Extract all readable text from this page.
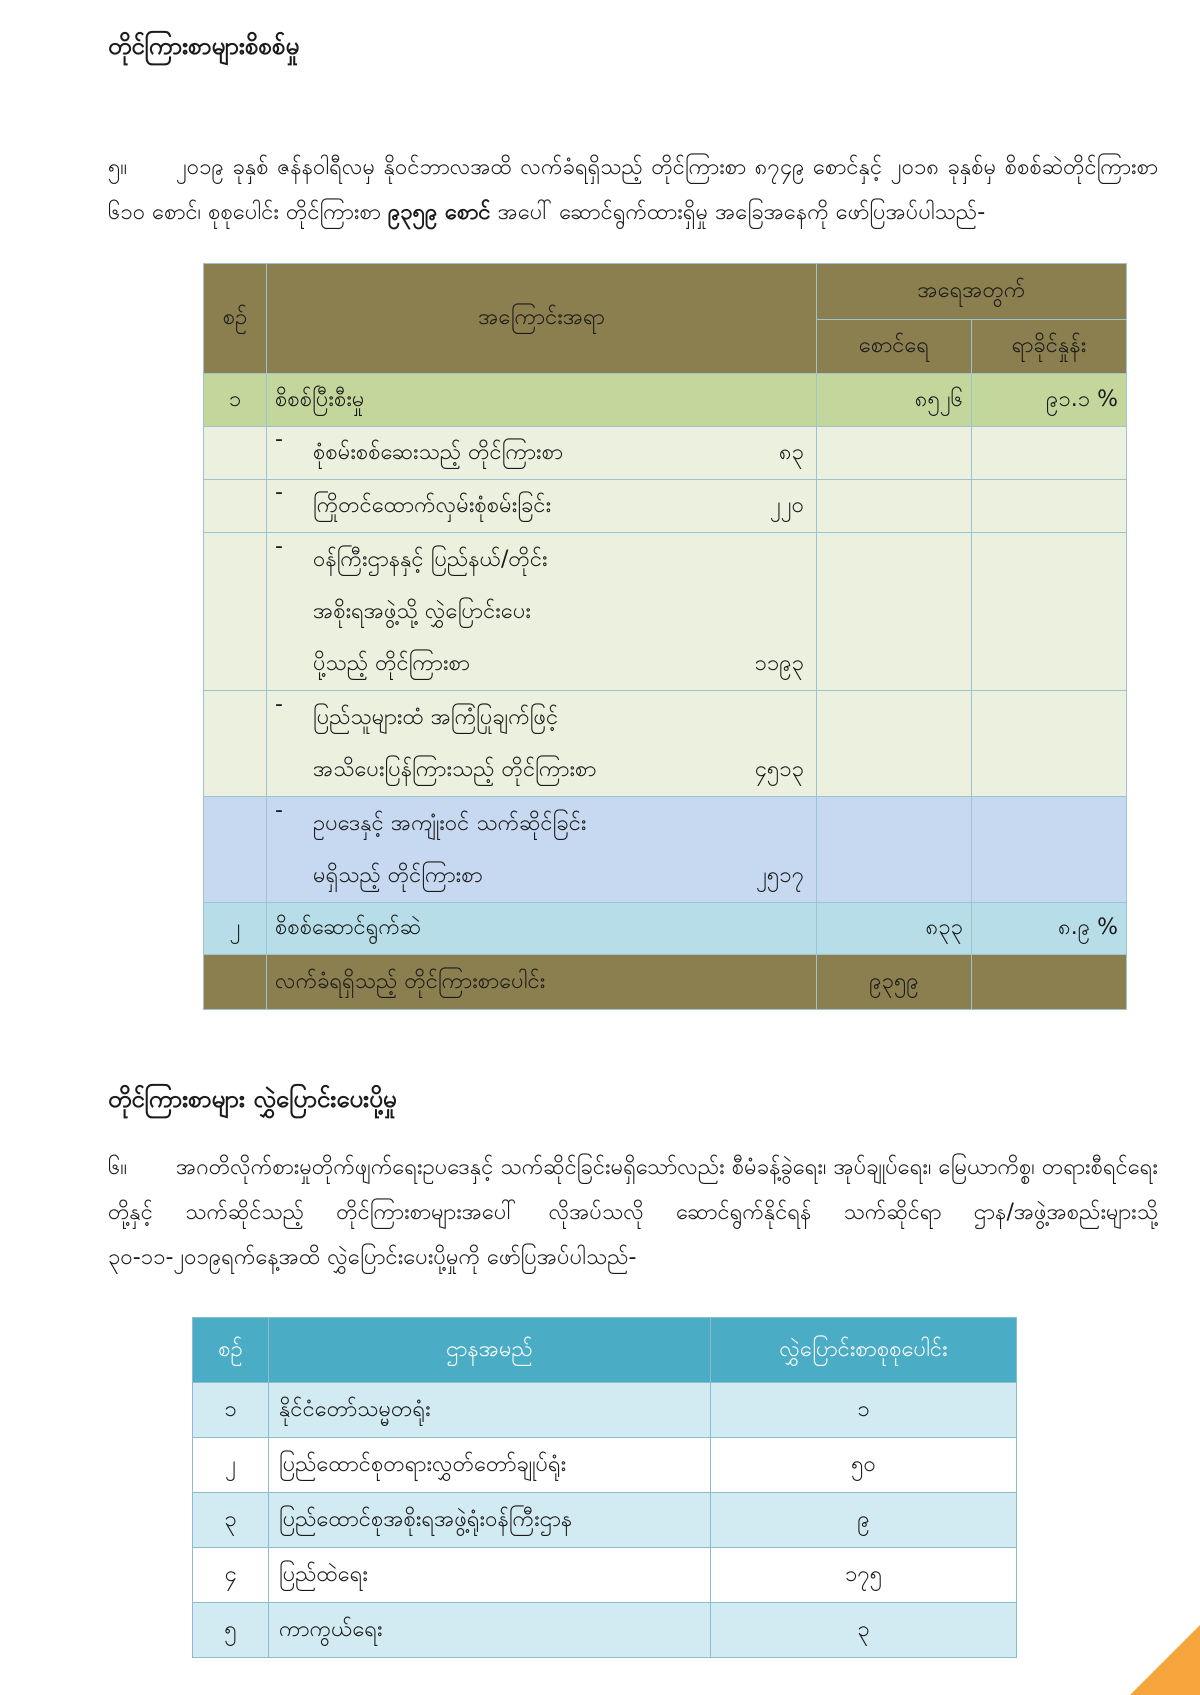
တိုင်ကြားစာများစိစစ်မှု
၅။ ၂၀၁၉ ခုနှစ် ဇန်နဝါရီလမှ နိုဝင်ဘာလအထိ လက်ခံရရှိသည့် တိုင်ကြားစာ ၈၇၄၉ စောင်နှင့် ၂၀၁၈ ခုနှစ်မှ စိစစ်ဆဲတိုင်ကြားစာ ၆၁၀ စောင်၊ စုစုပေါင်း တိုင်ကြားစာ ၉၃၅၉ စောင် အပေါ် ဆောင်ရွက်ထားရှိမှု အခြေအနေကို ဖော်ပြအပ်ပါသည်-
စဉ်	အကြောင်းအရာ	အရေအတွက်	
		စောင်ရေ	ရာခိုင်နှုန်း
၁	စိစစ်ပြီးစီးမှု	၈၅၂၆	၉၁.၁ %

	-
စုံစမ်းစစ်ဆေးသည့် တိုင်ကြားစာ ၈၃		

	-
ကြိုတင်ထောက်လှမ်းစုံစမ်းခြင်း ၂၂၀		

	-
ဝန်ကြီးဌာနနှင့် ပြည်နယ်/တိုင်း
အစိုးရအဖွဲ့သို့ လွှဲပြောင်းပေး
ပို့သည့် တိုင်ကြားစာ ၁၁၉၃		

	-
ပြည်သူများထံ အကြံပြုချက်ဖြင့်
အသိပေးပြန်ကြားသည့် တိုင်ကြားစာ ၄၅၁၃		

	-
ဥပဒေနှင့် အကျုံးဝင် သက်ဆိုင်ခြင်း
မရှိသည့် တိုင်ကြားစာ ၂၅၁၇		

၂	စိစစ်ဆောင်ရွက်ဆဲ	၈၃၃	၈.၉ %
	လက်ခံရရှိသည့် တိုင်ကြားစာပေါင်း	၉၃၅၉	
တိုင်ကြားစာများ လွှဲပြောင်းပေးပို့မှု
၆။ အဂတိလိုက်စားမှုတိုက်ဖျက်ရေးဥပဒေနှင့် သက်ဆိုင်ခြင်းမရှိသော်လည်း စီမံခန့်ခွဲရေး၊ အုပ်ချုပ်ရေး၊ မြေယာကိစ္စ၊ တရားစီရင်ရေးတို့နှင့် သက်ဆိုင်သည့် တိုင်ကြားစာများအပေါ် လိုအပ်သလို ဆောင်ရွက်နိုင်ရန် သက်ဆိုင်ရာ ဌာန/အဖွဲ့အစည်းများသို့ ၃၀-၁၁-၂၀၁၉ရက်နေ့အထိ လွှဲပြောင်းပေးပို့မှုကို ဖော်ပြအပ်ပါသည်-
စဉ်	ဌာနအမည်	လွှဲပြောင်းစာစုစုပေါင်း
၁	နိုင်ငံတော်သမ္မတရုံး	၁
၂	ပြည်ထောင်စုတရားလွှတ်တော်ချုပ်ရုံး	၅၀
၃	ပြည်ထောင်စုအစိုးရအဖွဲ့ရုံးဝန်ကြီးဌာန	၉
၄	ပြည်ထဲရေး	၁၇၅
၅	ကာကွယ်ရေး	၃
